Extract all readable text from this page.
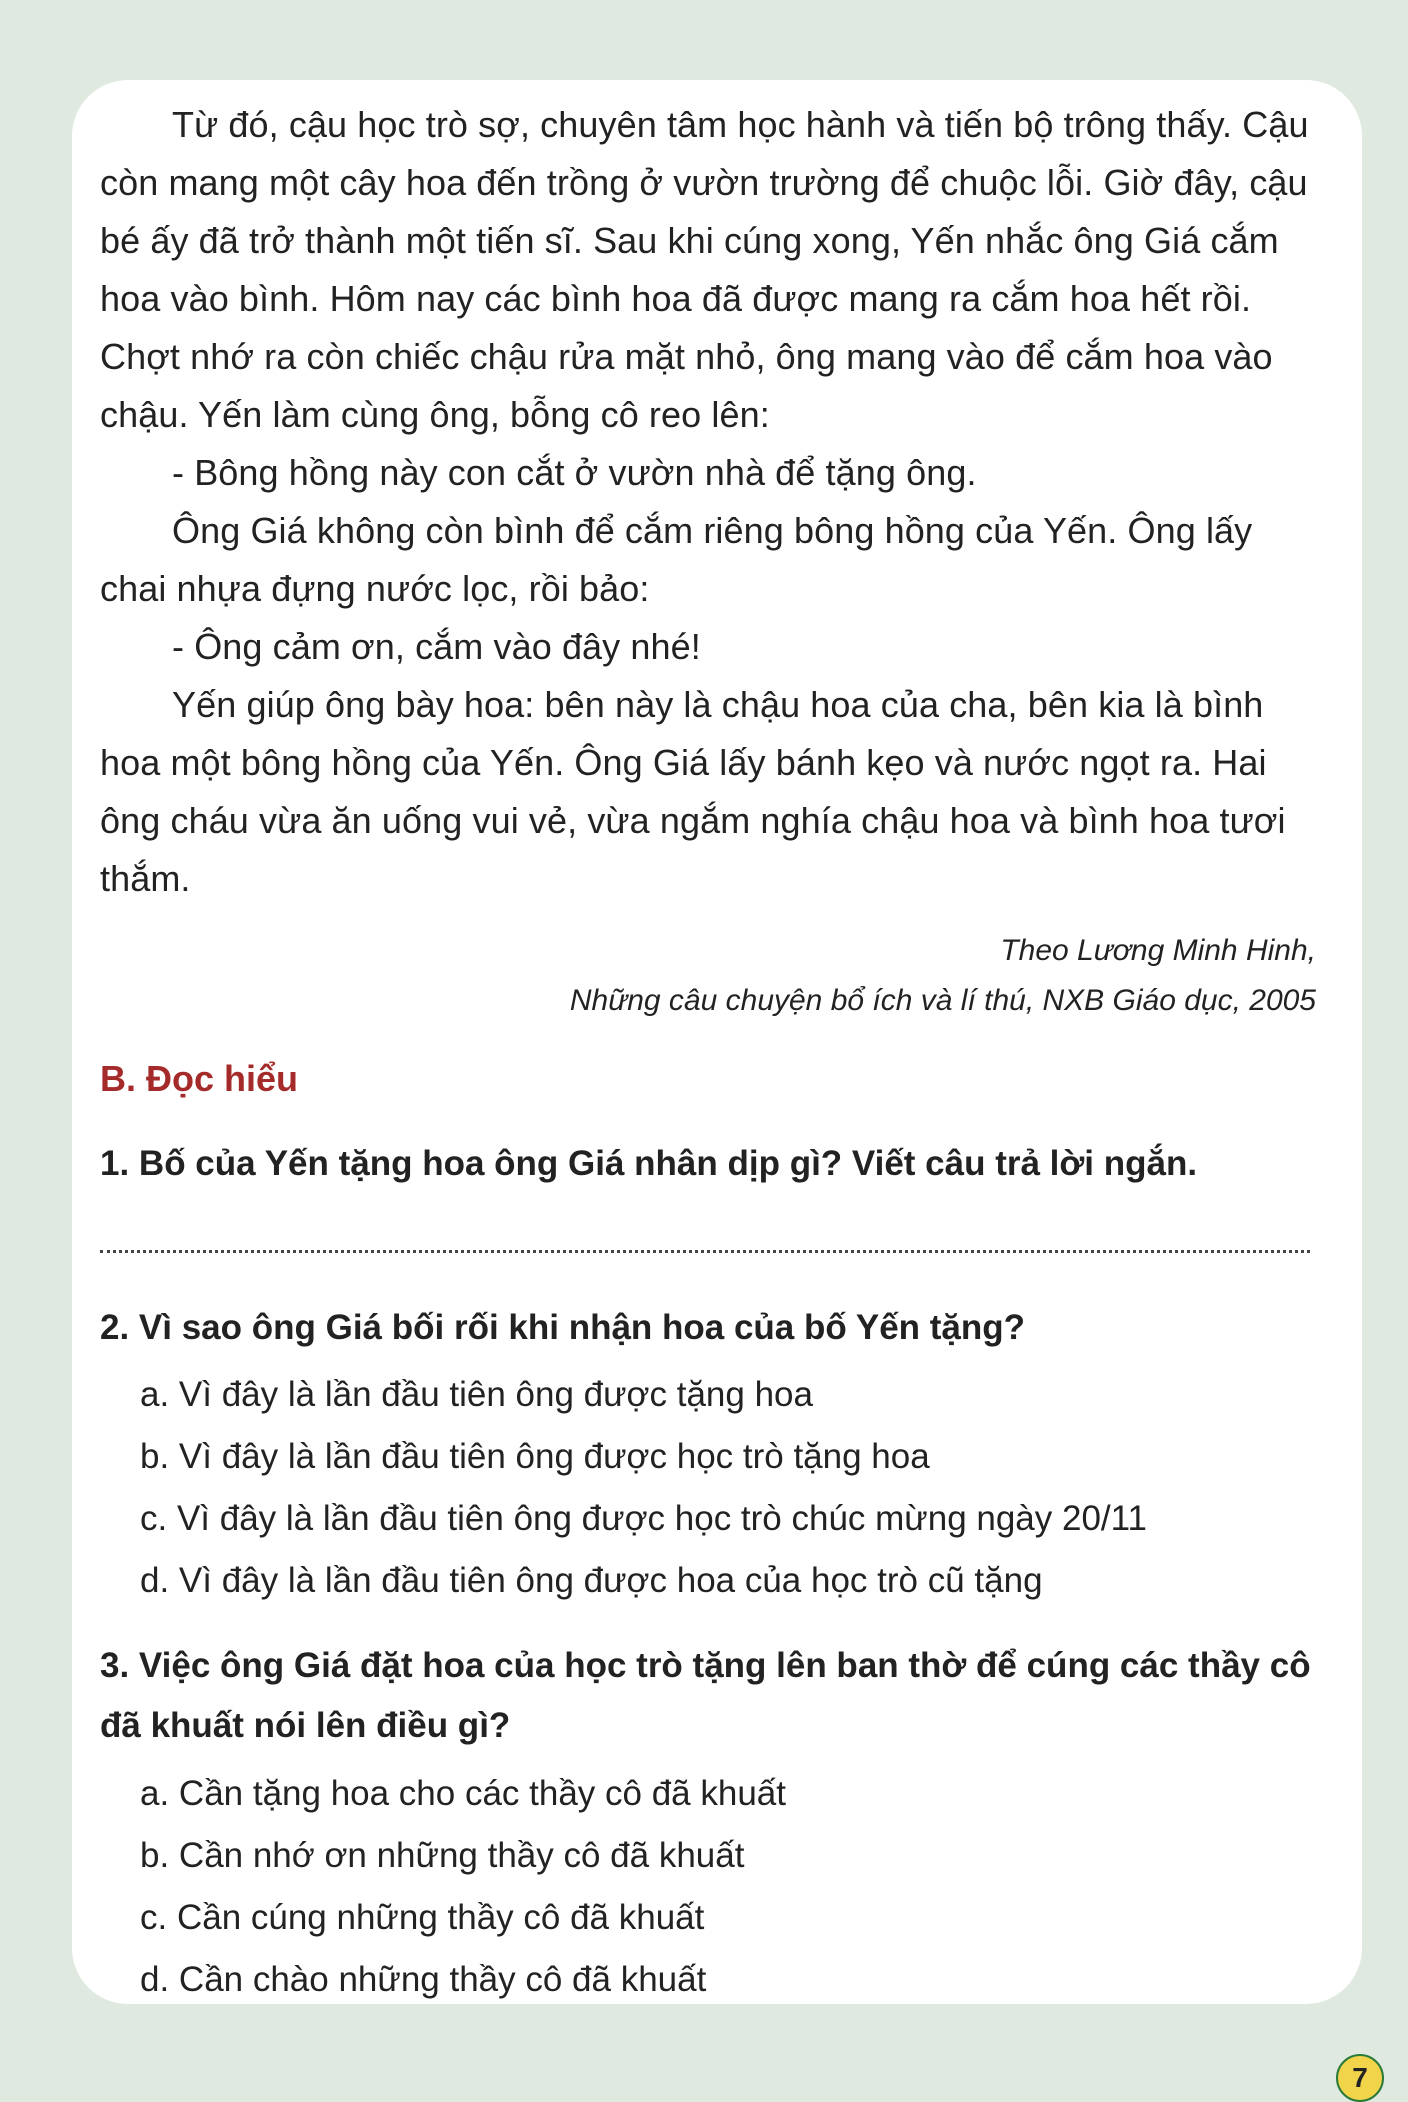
Từ đó, cậu học trò sợ, chuyên tâm học hành và tiến bộ trông thấy. Cậu còn mang một cây hoa đến trồng ở vườn trường để chuộc lỗi. Giờ đây, cậu bé ấy đã trở thành một tiến sĩ. Sau khi cúng xong, Yến nhắc ông Giá cắm hoa vào bình. Hôm nay các bình hoa đã được mang ra cắm hoa hết rồi. Chợt nhớ ra còn chiếc chậu rửa mặt nhỏ, ông mang vào để cắm hoa vào chậu. Yến làm cùng ông, bỗng cô reo lên:

- Bông hồng này con cắt ở vườn nhà để tặng ông.

Ông Giá không còn bình để cắm riêng bông hồng của Yến. Ông lấy chai nhựa đựng nước lọc, rồi bảo:

- Ông cảm ơn, cắm vào đây nhé!

Yến giúp ông bày hoa: bên này là chậu hoa của cha, bên kia là bình hoa một bông hồng của Yến. Ông Giá lấy bánh kẹo và nước ngọt ra. Hai ông cháu vừa ăn uống vui vẻ, vừa ngắm nghía chậu hoa và bình hoa tươi thắm.

Theo Lương Minh Hinh,
Những câu chuyện bổ ích và lí thú, NXB Giáo dục, 2005
B. Đọc hiểu

1. Bố của Yến tặng hoa ông Giá nhân dịp gì? Viết câu trả lời ngắn.

2. Vì sao ông Giá bối rối khi nhận hoa của bố Yến tặng?

a. Vì đây là lần đầu tiên ông được tặng hoa
b. Vì đây là lần đầu tiên ông được học trò tặng hoa
c. Vì đây là lần đầu tiên ông được học trò chúc mừng ngày 20/11
d. Vì đây là lần đầu tiên ông được hoa của học trò cũ tặng

3. Việc ông Giá đặt hoa của học trò tặng lên ban thờ để cúng các thầy cô đã khuất nói lên điều gì?

a. Cần tặng hoa cho các thầy cô đã khuất
b. Cần nhớ ơn những thầy cô đã khuất
c. Cần cúng những thầy cô đã khuất
d. Cần chào những thầy cô đã khuất
7
